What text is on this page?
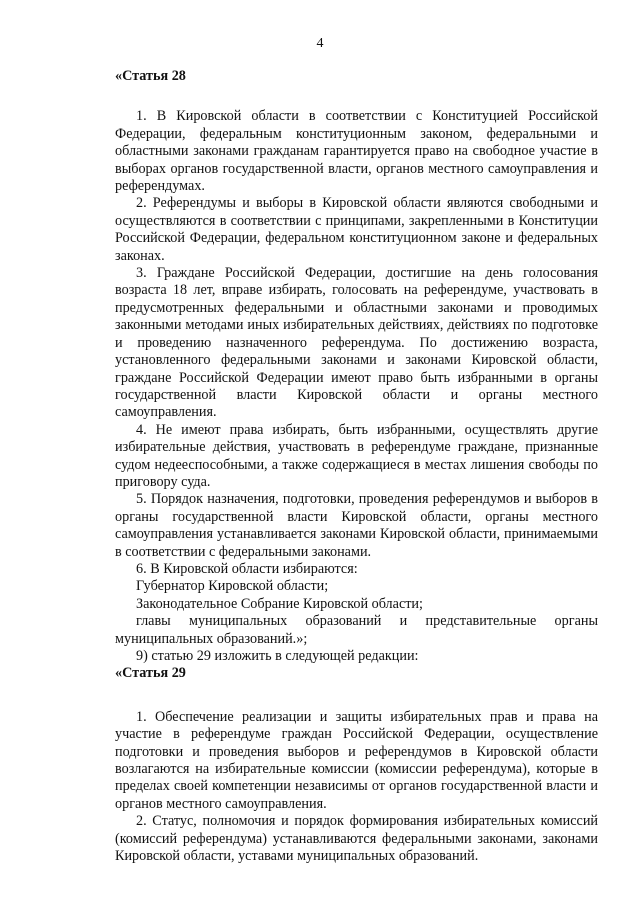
4

«Статья 28

1. В Кировской области в соответствии с Конституцией Российской Федерации, федеральным конституционным законом, федеральными и областными законами гражданам гарантируется право на свободное участие в выборах органов государственной власти, органов местного самоуправления и референдумах.

2. Референдумы и выборы в Кировской области являются свободными и осуществляются в соответствии с принципами, закрепленными в Конституции Российской Федерации, федеральном конституционном законе и федеральных законах.

3. Граждане Российской Федерации, достигшие на день голосования возраста 18 лет, вправе избирать, голосовать на референдуме, участвовать в предусмотренных федеральными и областными законами и проводимых законными методами иных избирательных действиях, действиях по подготовке и проведению назначенного референдума. По достижению возраста, установленного федеральными законами и законами Кировской области, граждане Российской Федерации имеют право быть избранными в органы государственной власти Кировской области и органы местного самоуправления.

4. Не имеют права избирать, быть избранными, осуществлять другие избирательные действия, участвовать в референдуме граждане, признанные судом недееспособными, а также содержащиеся в местах лишения свободы по приговору суда.

5. Порядок назначения, подготовки, проведения референдумов и выборов в органы государственной власти Кировской области, органы местного самоуправления устанавливается законами Кировской области, принимаемыми в соответствии с федеральными законами.

6. В Кировской области избираются:

Губернатор Кировской области;

Законодательное Собрание Кировской области;

главы муниципальных образований и представительные органы муниципальных образований.»;

9) статью 29 изложить в следующей редакции:

«Статья 29

1. Обеспечение реализации и защиты избирательных прав и права на участие в референдуме граждан Российской Федерации, осуществление подготовки и проведения выборов и референдумов в Кировской области возлагаются на избирательные комиссии (комиссии референдума), которые в пределах своей компетенции независимы от органов государственной власти и органов местного самоуправления.

2. Статус, полномочия и порядок формирования избирательных комиссий (комиссий референдума) устанавливаются федеральными законами, законами Кировской области, уставами муниципальных образований.
